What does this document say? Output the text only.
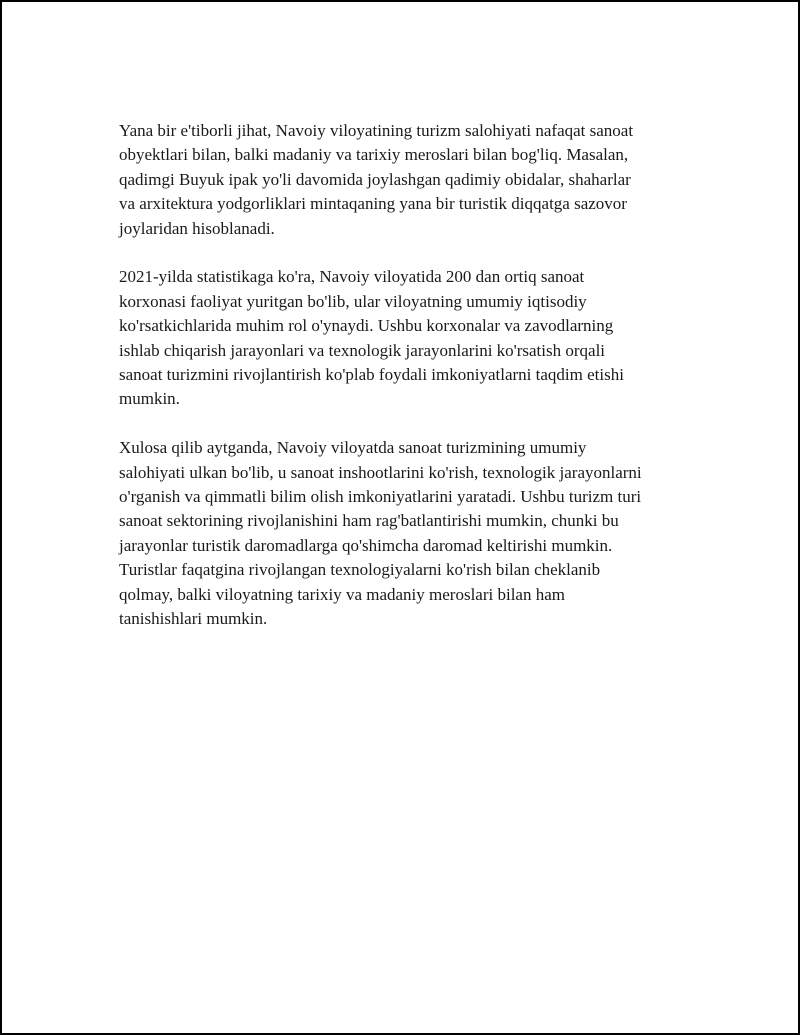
Yana bir e'tiborli jihat, Navoiy viloyatining turizm salohiyati nafaqat sanoat
obyektlari bilan, balki madaniy va tarixiy meroslari bilan bog'liq. Masalan,
qadimgi Buyuk ipak yo'li davomida joylashgan qadimiy obidalar, shaharlar
va arxitektura yodgorliklari mintaqaning yana bir turistik diqqatga sazovor
joylaridan hisoblanadi.

2021-yilda statistikaga ko'ra, Navoiy viloyatida 200 dan ortiq sanoat
korxonasi faoliyat yuritgan bo'lib, ular viloyatning umumiy iqtisodiy
ko'rsatkichlarida muhim rol o'ynaydi. Ushbu korxonalar va zavodlarning
ishlab chiqarish jarayonlari va texnologik jarayonlarini ko'rsatish orqali
sanoat turizmini rivojlantirish ko'plab foydali imkoniyatlarni taqdim etishi
mumkin.

Xulosa qilib aytganda, Navoiy viloyatda sanoat turizmining umumiy
salohiyati ulkan bo'lib, u sanoat inshootlarini ko'rish, texnologik jarayonlarni
o'rganish va qimmatli bilim olish imkoniyatlarini yaratadi. Ushbu turizm turi
sanoat sektorining rivojlanishini ham rag'batlantirishi mumkin, chunki bu
jarayonlar turistik daromadlarga qo'shimcha daromad keltirishi mumkin.
Turistlar faqatgina rivojlangan texnologiyalarni ko'rish bilan cheklanib
qolmay, balki viloyatning tarixiy va madaniy meroslari bilan ham
tanishishlari mumkin.
